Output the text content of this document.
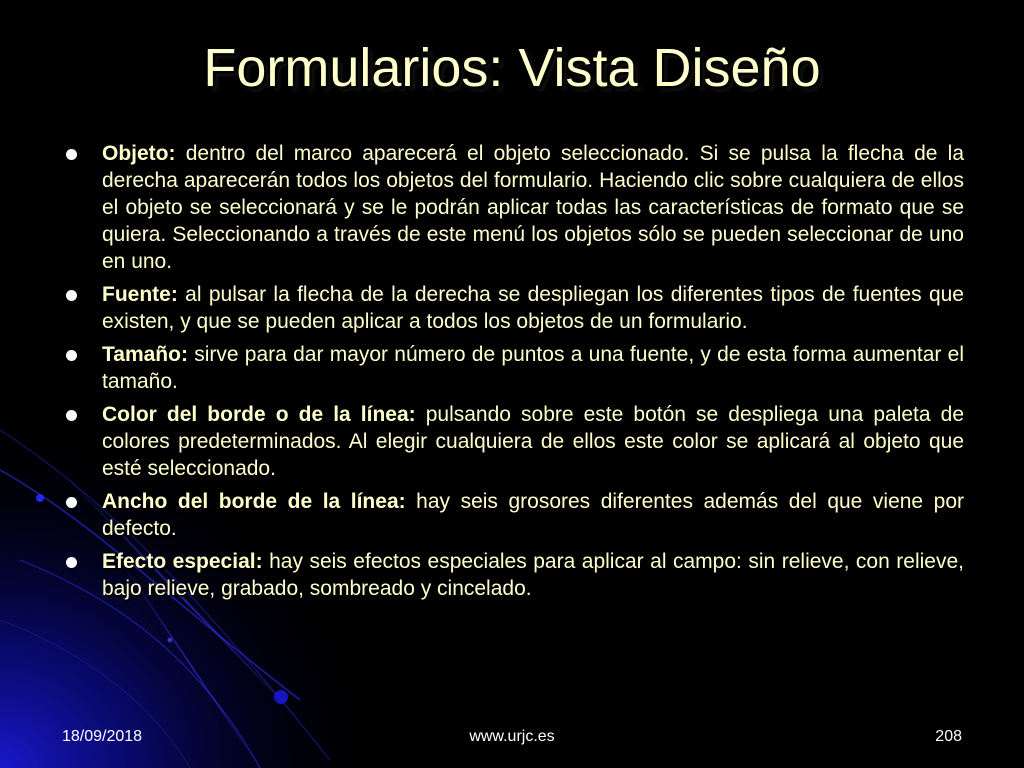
Formularios: Vista Diseño
Objeto: dentro del marco aparecerá el objeto seleccionado. Si se pulsa la flecha de la derecha aparecerán todos los objetos del formulario. Haciendo clic sobre cualquiera de ellos el objeto se seleccionará y se le podrán aplicar todas las características de formato que se quiera. Seleccionando a través de este menú los objetos sólo se pueden seleccionar de uno en uno.
Fuente: al pulsar la flecha de la derecha se despliegan los diferentes tipos de fuentes que existen, y que se pueden aplicar a todos los objetos de un formulario.
Tamaño: sirve para dar mayor número de puntos a una fuente, y de esta forma aumentar el tamaño.
Color del borde o de la línea: pulsando sobre este botón se despliega una paleta de colores predeterminados. Al elegir cualquiera de ellos este color se aplicará al objeto que esté seleccionado.
Ancho del borde de la línea: hay seis grosores diferentes además del que viene por defecto.
Efecto especial: hay seis efectos especiales para aplicar al campo: sin relieve, con relieve, bajo relieve, grabado, sombreado y cincelado.
18/09/2018	www.urjc.es	208
